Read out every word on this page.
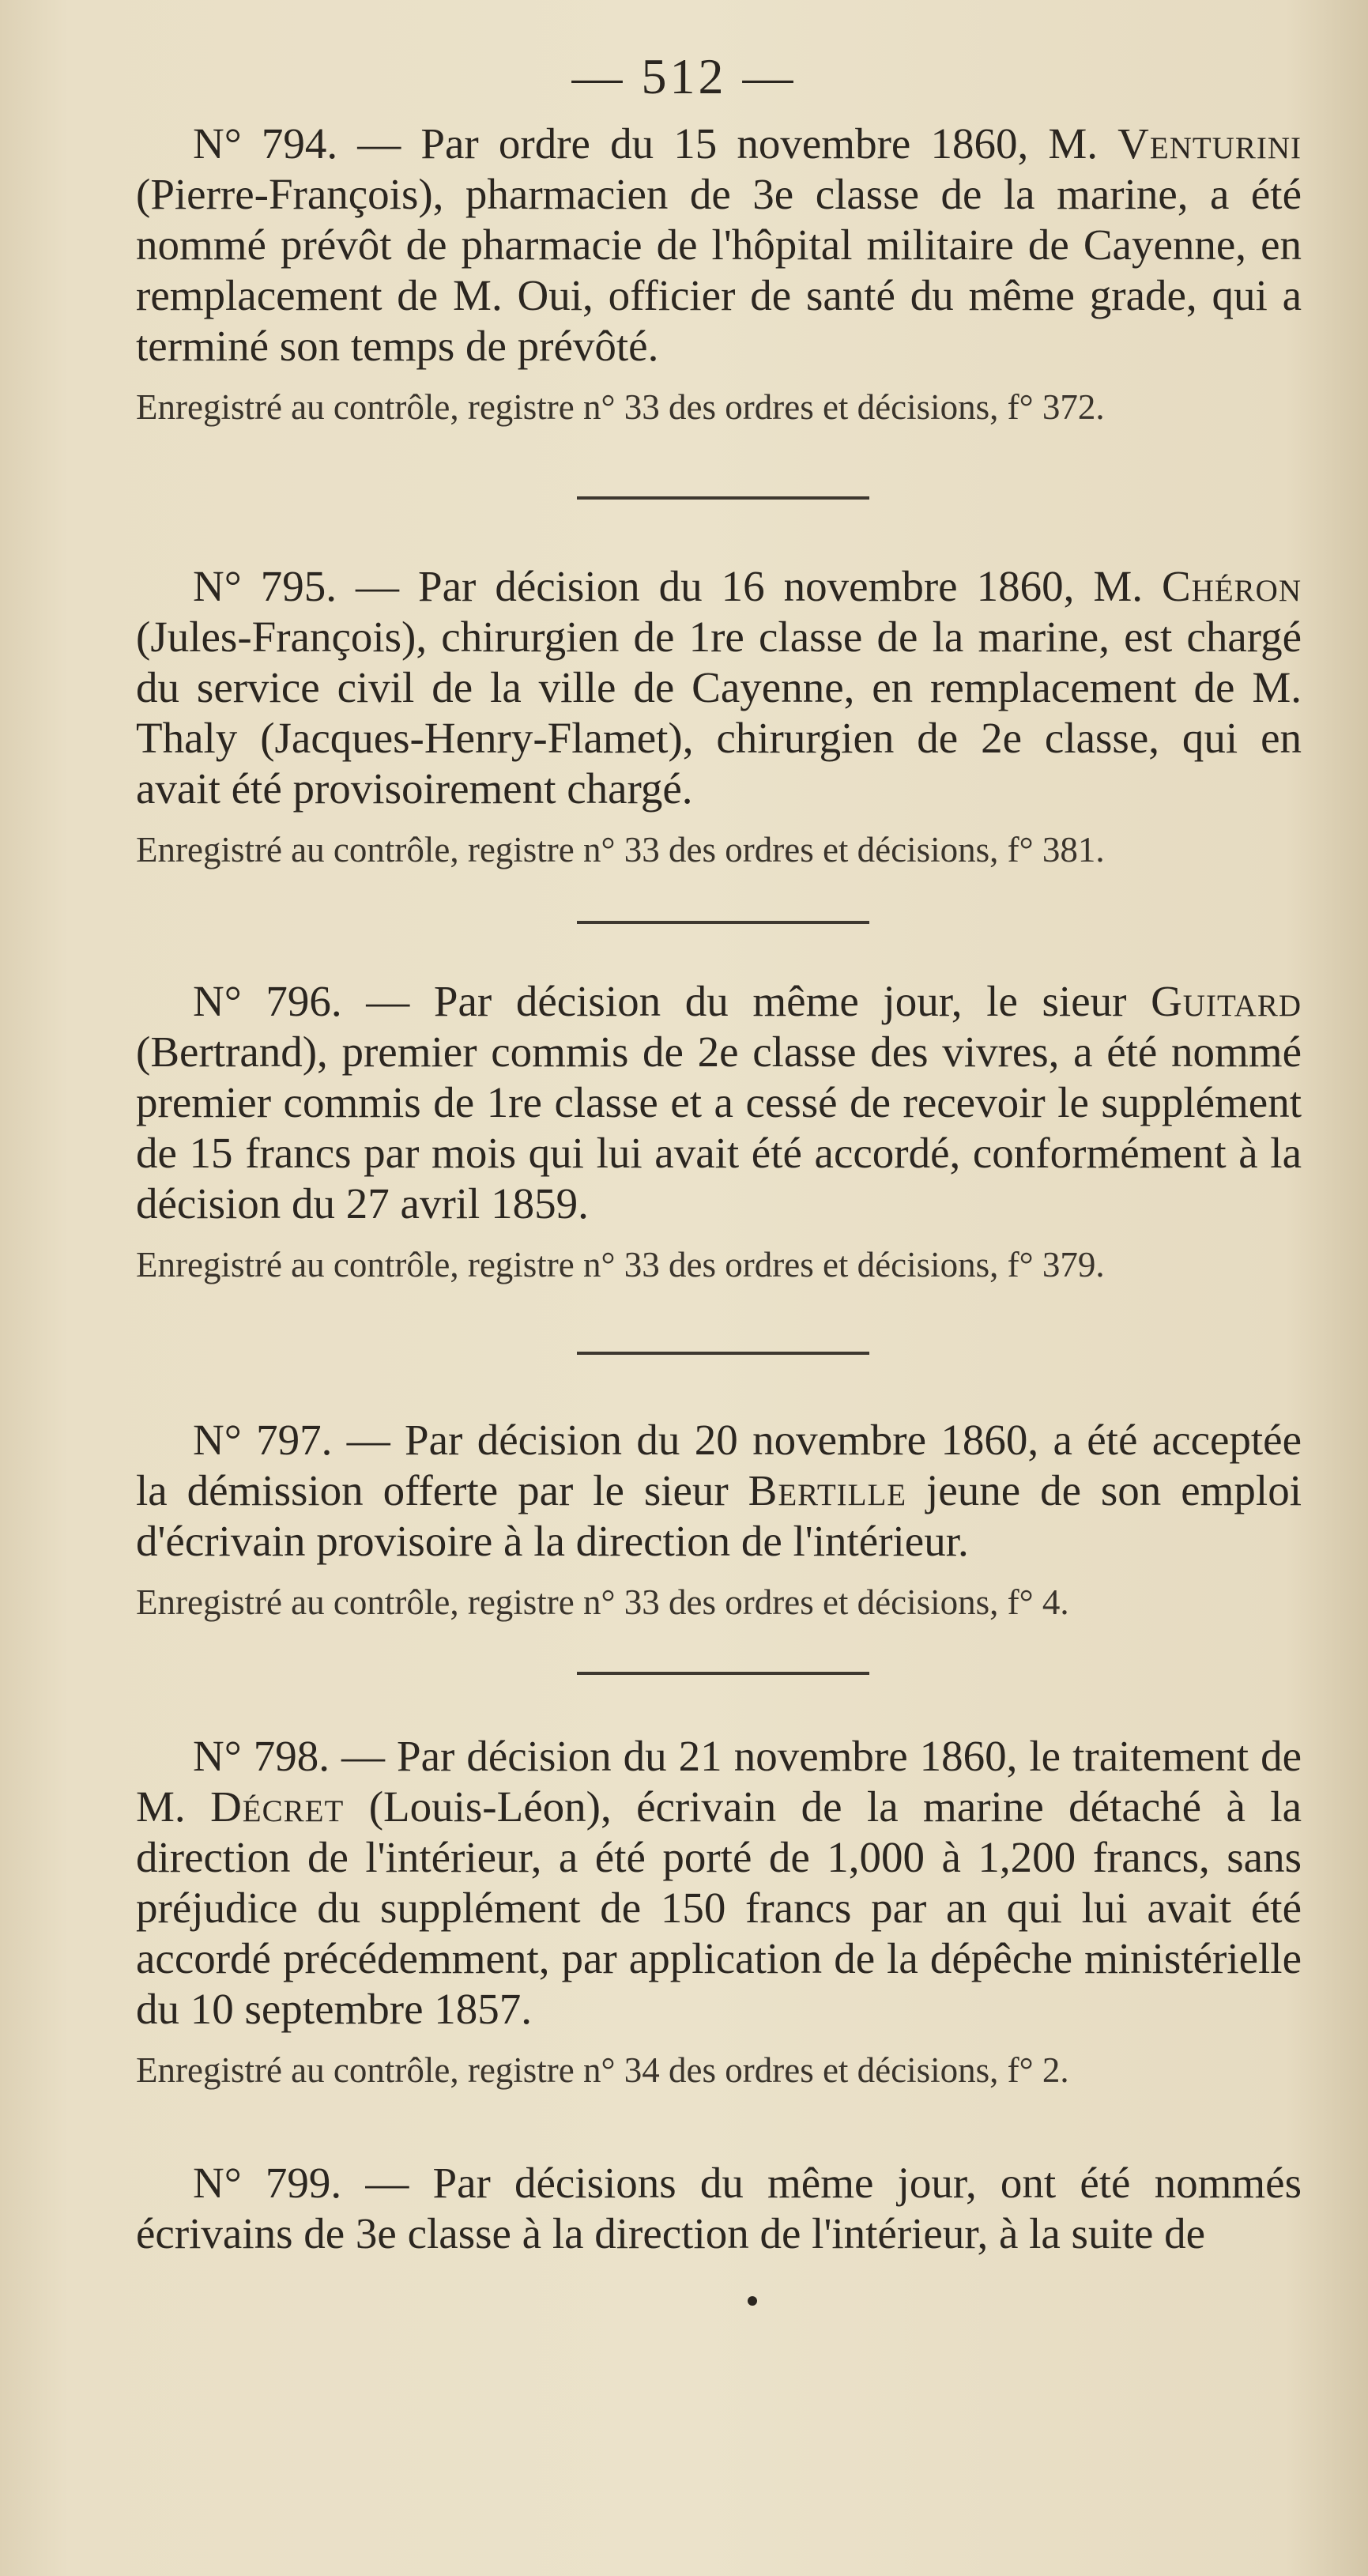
— 512 —

N° 794. — Par ordre du 15 novembre 1860, M. Venturini (Pierre-François), pharmacien de 3e classe de la marine, a été nommé prévôt de pharmacie de l'hôpital militaire de Cayenne, en remplacement de M. Oui, officier de santé du même grade, qui a terminé son temps de prévôté.

Enregistré au contrôle, registre n° 33 des ordres et décisions, f° 372.

N° 795. — Par décision du 16 novembre 1860, M. Chéron (Jules-François), chirurgien de 1re classe de la marine, est chargé du service civil de la ville de Cayenne, en remplacement de M. Thaly (Jacques-Henry-Flamet), chirurgien de 2e classe, qui en avait été provisoirement chargé.

Enregistré au contrôle, registre n° 33 des ordres et décisions, f° 381.

N° 796. — Par décision du même jour, le sieur Guitard (Bertrand), premier commis de 2e classe des vivres, a été nommé premier commis de 1re classe et a cessé de recevoir le supplément de 15 francs par mois qui lui avait été accordé, conformément à la décision du 27 avril 1859.

Enregistré au contrôle, registre n° 33 des ordres et décisions, f° 379.

N° 797. — Par décision du 20 novembre 1860, a été acceptée la démission offerte par le sieur Bertille jeune de son emploi d'écrivain provisoire à la direction de l'intérieur.

Enregistré au contrôle, registre n° 33 des ordres et décisions, f° 4.

N° 798. — Par décision du 21 novembre 1860, le traitement de M. Décret (Louis-Léon), écrivain de la marine détaché à la direction de l'intérieur, a été porté de 1,000 à 1,200 francs, sans préjudice du supplément de 150 francs par an qui lui avait été accordé précédemment, par application de la dépêche ministérielle du 10 septembre 1857.

Enregistré au contrôle, registre n° 34 des ordres et décisions, f° 2.

N° 799. — Par décisions du même jour, ont été nommés écrivains de 3e classe à la direction de l'intérieur, à la suite de
